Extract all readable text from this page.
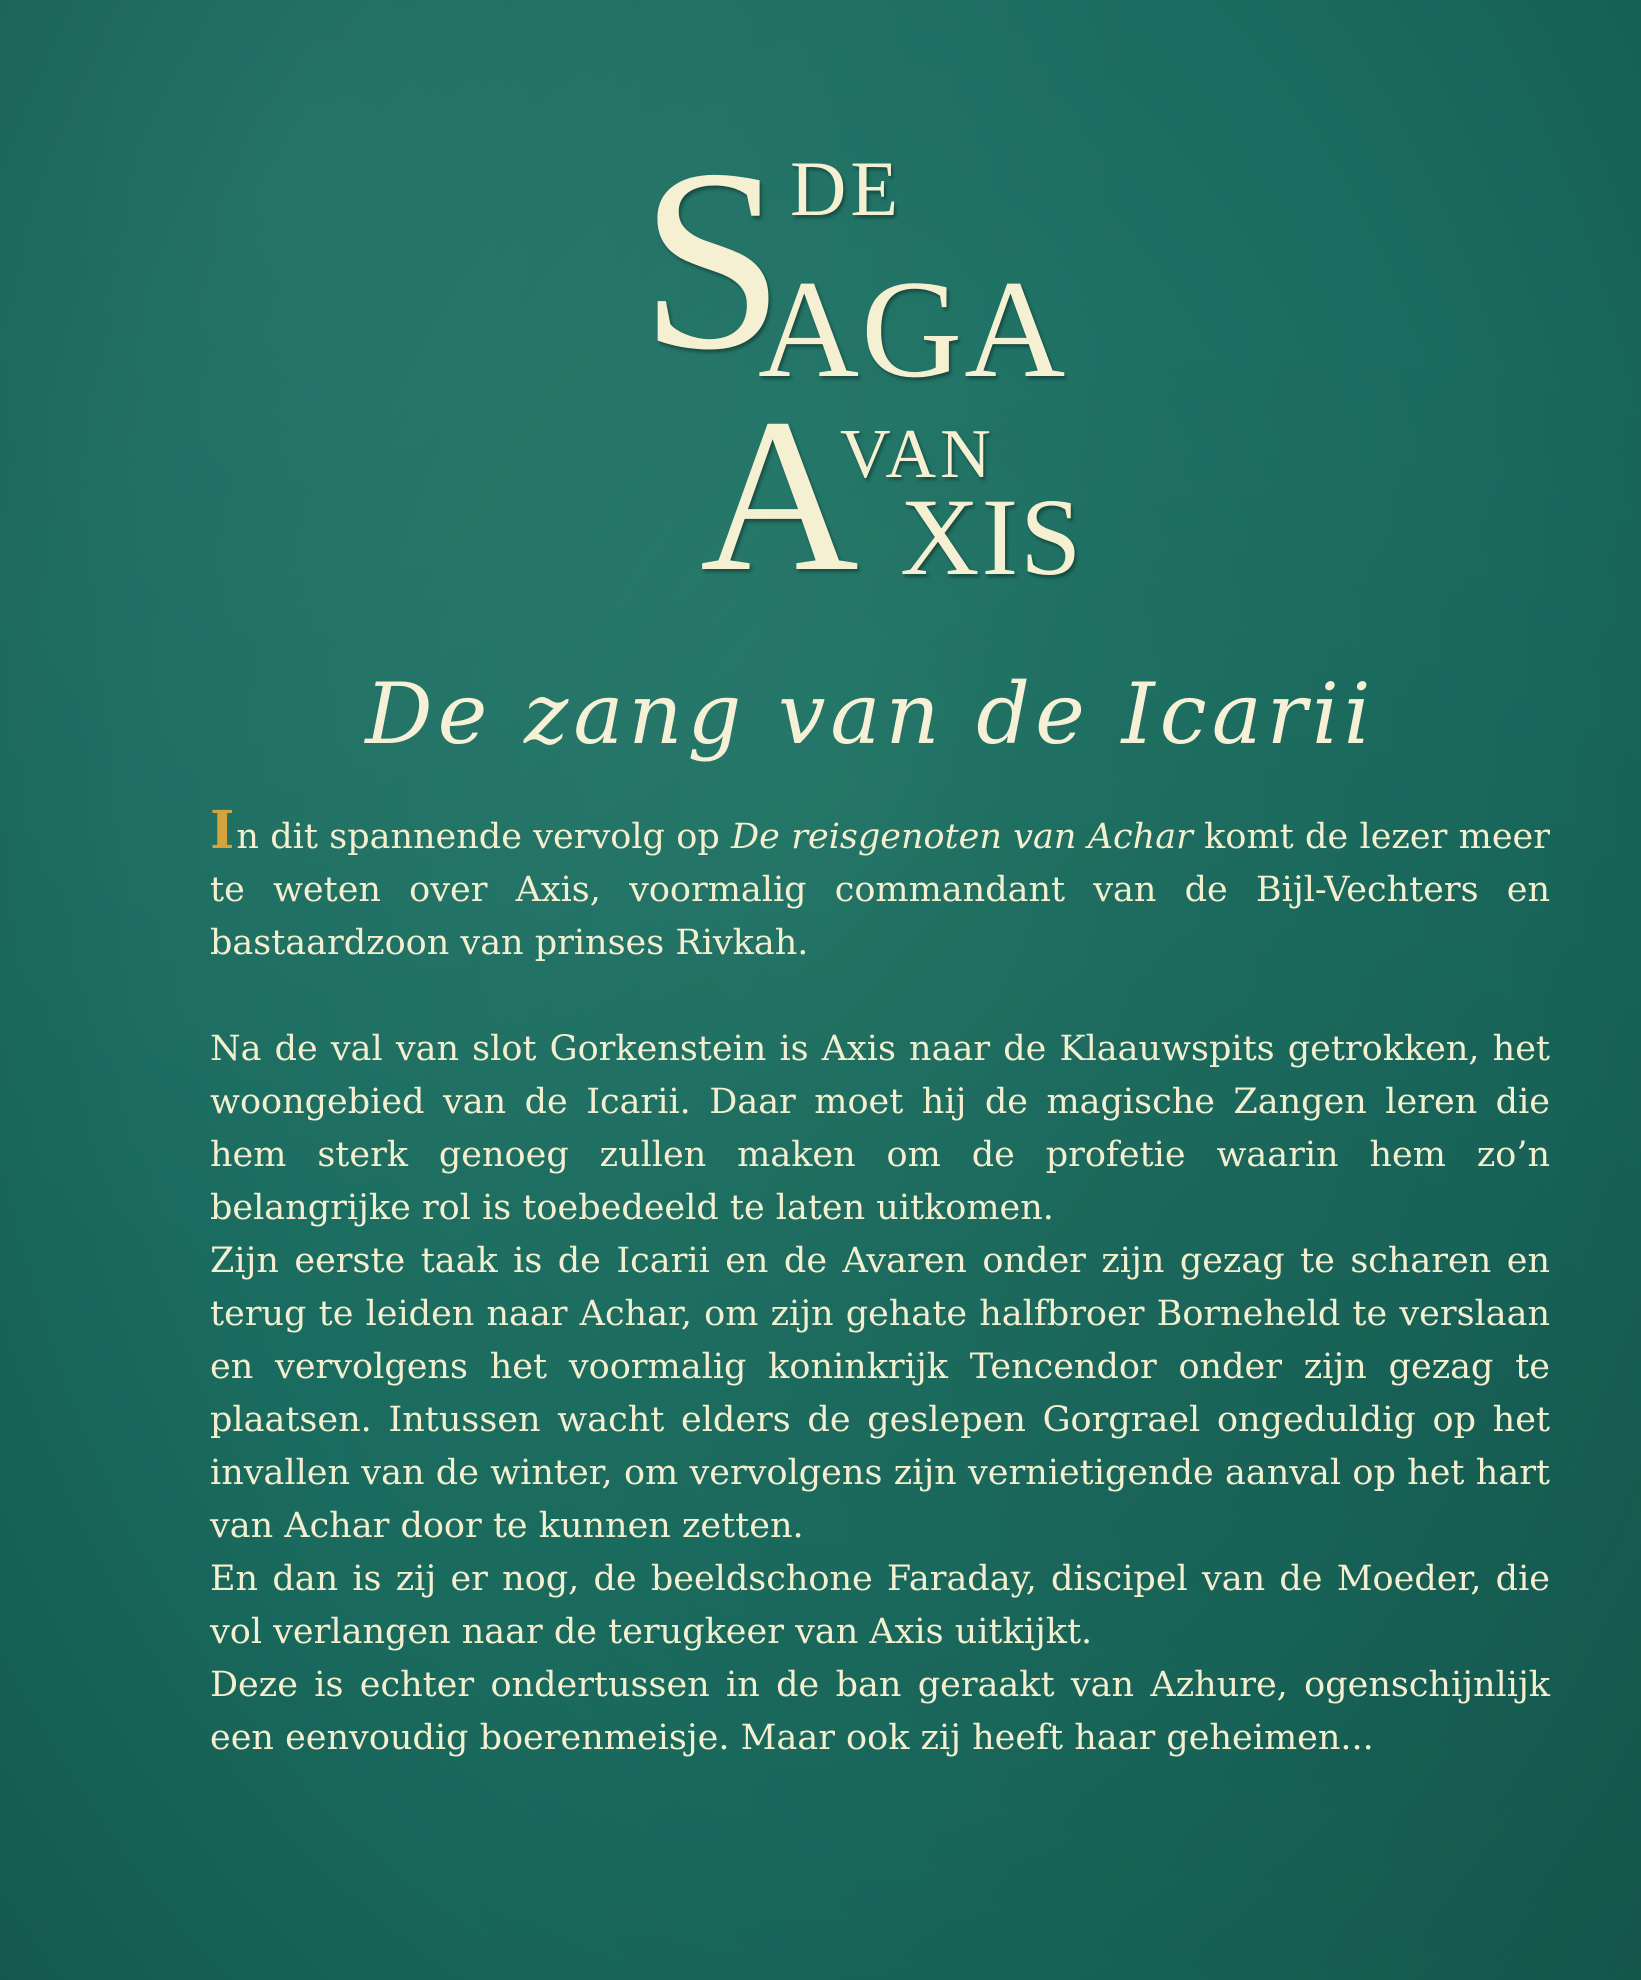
S DE
AGA
VAN
A XIS
De zang van de Icarii

In dit spannende vervolg op De reisgenoten van Achar komt de lezer meer te weten over Axis, voormalig commandant van de Bijl-Vechters en bastaardzoon van prinses Rivkah.

Na de val van slot Gorkenstein is Axis naar de Klaauwspits getrokken, het woongebied van de Icarii. Daar moet hij de magische Zangen leren die hem sterk genoeg zullen maken om de profetie waarin hem zo’n belangrijke rol is toebedeeld te laten uitkomen.

Zijn eerste taak is de Icarii en de Avaren onder zijn gezag te scharen en terug te leiden naar Achar, om zijn gehate halfbroer Borneheld te verslaan en vervolgens het voormalig koninkrijk Tencendor onder zijn gezag te plaatsen. Intussen wacht elders de geslepen Gorgrael ongeduldig op het invallen van de winter, om vervolgens zijn vernietigende aanval op het hart van Achar door te kunnen zetten.

En dan is zij er nog, de beeldschone Faraday, discipel van de Moeder, die vol verlangen naar de terugkeer van Axis uitkijkt.

Deze is echter ondertussen in de ban geraakt van Azhure, ogenschijnlijk een eenvoudig boerenmeisje. Maar ook zij heeft haar geheimen...
